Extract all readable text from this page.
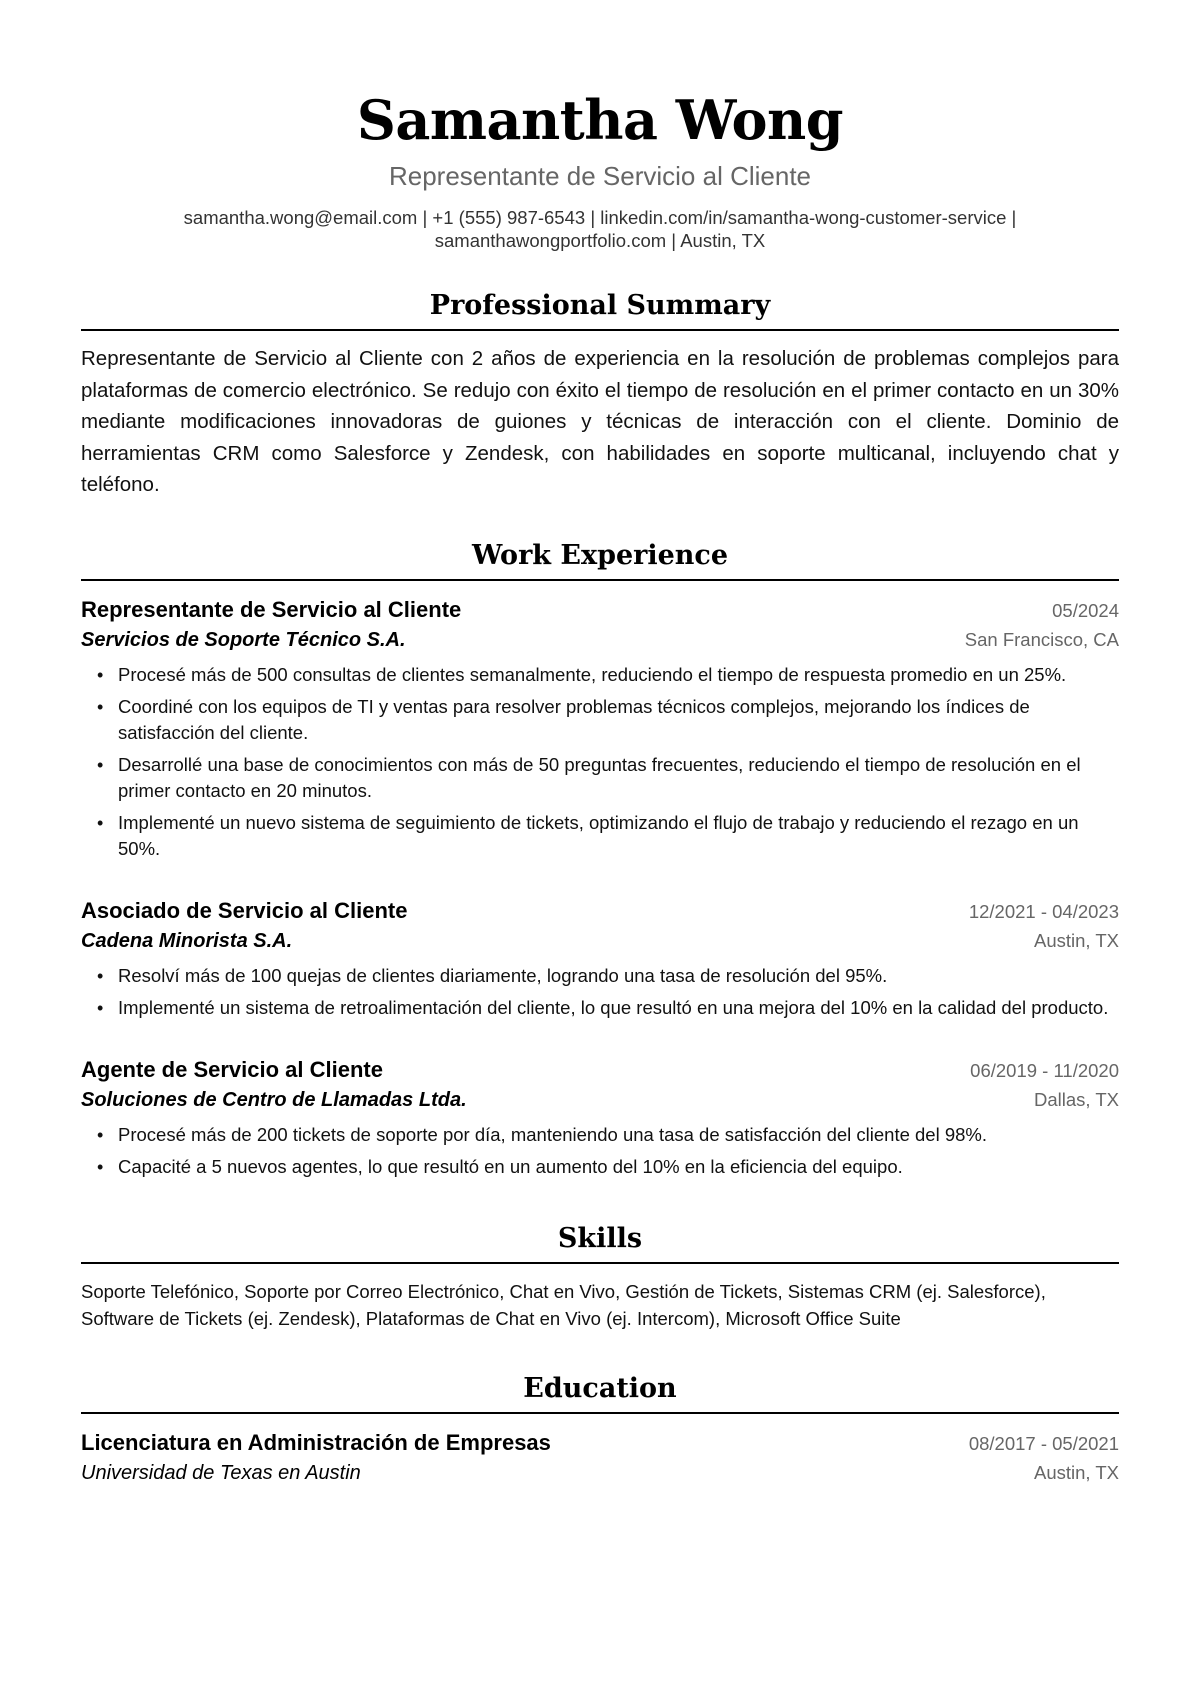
Samantha Wong
Representante de Servicio al Cliente
samantha.wong@email.com | +1 (555) 987-6543 | linkedin.com/in/samantha-wong-customer-service |
samanthawongportfolio.com | Austin, TX
Professional Summary
Representante de Servicio al Cliente con 2 años de experiencia en la resolución de problemas complejos para plataformas de comercio electrónico. Se redujo con éxito el tiempo de resolución en el primer contacto en un 30% mediante modificaciones innovadoras de guiones y técnicas de interacción con el cliente. Dominio de herramientas CRM como Salesforce y Zendesk, con habilidades en soporte multicanal, incluyendo chat y teléfono.
Work Experience
Representante de Servicio al Cliente	05/2024
Servicios de Soporte Técnico S.A.	San Francisco, CA
• Procesé más de 500 consultas de clientes semanalmente, reduciendo el tiempo de respuesta promedio en un 25%.
• Coordiné con los equipos de TI y ventas para resolver problemas técnicos complejos, mejorando los índices de satisfacción del cliente.
• Desarrollé una base de conocimientos con más de 50 preguntas frecuentes, reduciendo el tiempo de resolución en el primer contacto en 20 minutos.
• Implementé un nuevo sistema de seguimiento de tickets, optimizando el flujo de trabajo y reduciendo el rezago en un 50%.
Asociado de Servicio al Cliente	12/2021 - 04/2023
Cadena Minorista S.A.	Austin, TX
• Resolví más de 100 quejas de clientes diariamente, logrando una tasa de resolución del 95%.
• Implementé un sistema de retroalimentación del cliente, lo que resultó en una mejora del 10% en la calidad del producto.
Agente de Servicio al Cliente	06/2019 - 11/2020
Soluciones de Centro de Llamadas Ltda.	Dallas, TX
• Procesé más de 200 tickets de soporte por día, manteniendo una tasa de satisfacción del cliente del 98%.
• Capacité a 5 nuevos agentes, lo que resultó en un aumento del 10% en la eficiencia del equipo.
Skills
Soporte Telefónico, Soporte por Correo Electrónico, Chat en Vivo, Gestión de Tickets, Sistemas CRM (ej. Salesforce), Software de Tickets (ej. Zendesk), Plataformas de Chat en Vivo (ej. Intercom), Microsoft Office Suite
Education
Licenciatura en Administración de Empresas	08/2017 - 05/2021
Universidad de Texas en Austin	Austin, TX
